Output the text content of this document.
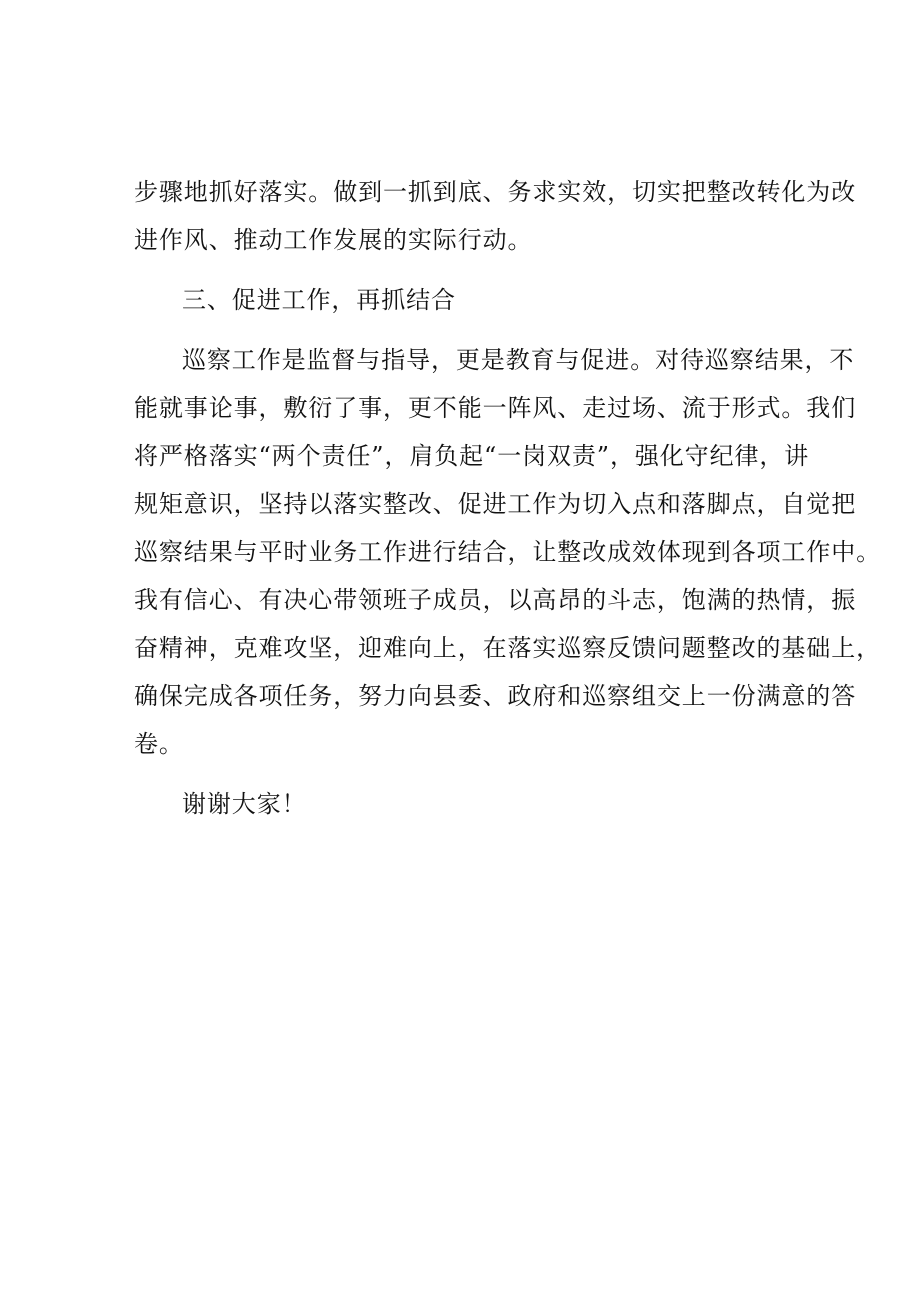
步骤地抓好落实。做到一抓到底、务求实效，切实把整改转化为改
进作风、推动工作发展的实际行动。
三、促进工作，再抓结合
巡察工作是监督与指导，更是教育与促进。对待巡察结果，不
能就事论事，敷衍了事，更不能一阵风、走过场、流于形式。我们
将严格落实“两个责任”，肩负起“一岗双责”，强化守纪律，讲
规矩意识，坚持以落实整改、促进工作为切入点和落脚点，自觉把
巡察结果与平时业务工作进行结合，让整改成效体现到各项工作中。
我有信心、有决心带领班子成员，以高昂的斗志，饱满的热情，振
奋精神，克难攻坚，迎难向上，在落实巡察反馈问题整改的基础上，
确保完成各项任务，努力向县委、政府和巡察组交上一份满意的答
卷。
谢谢大家！
